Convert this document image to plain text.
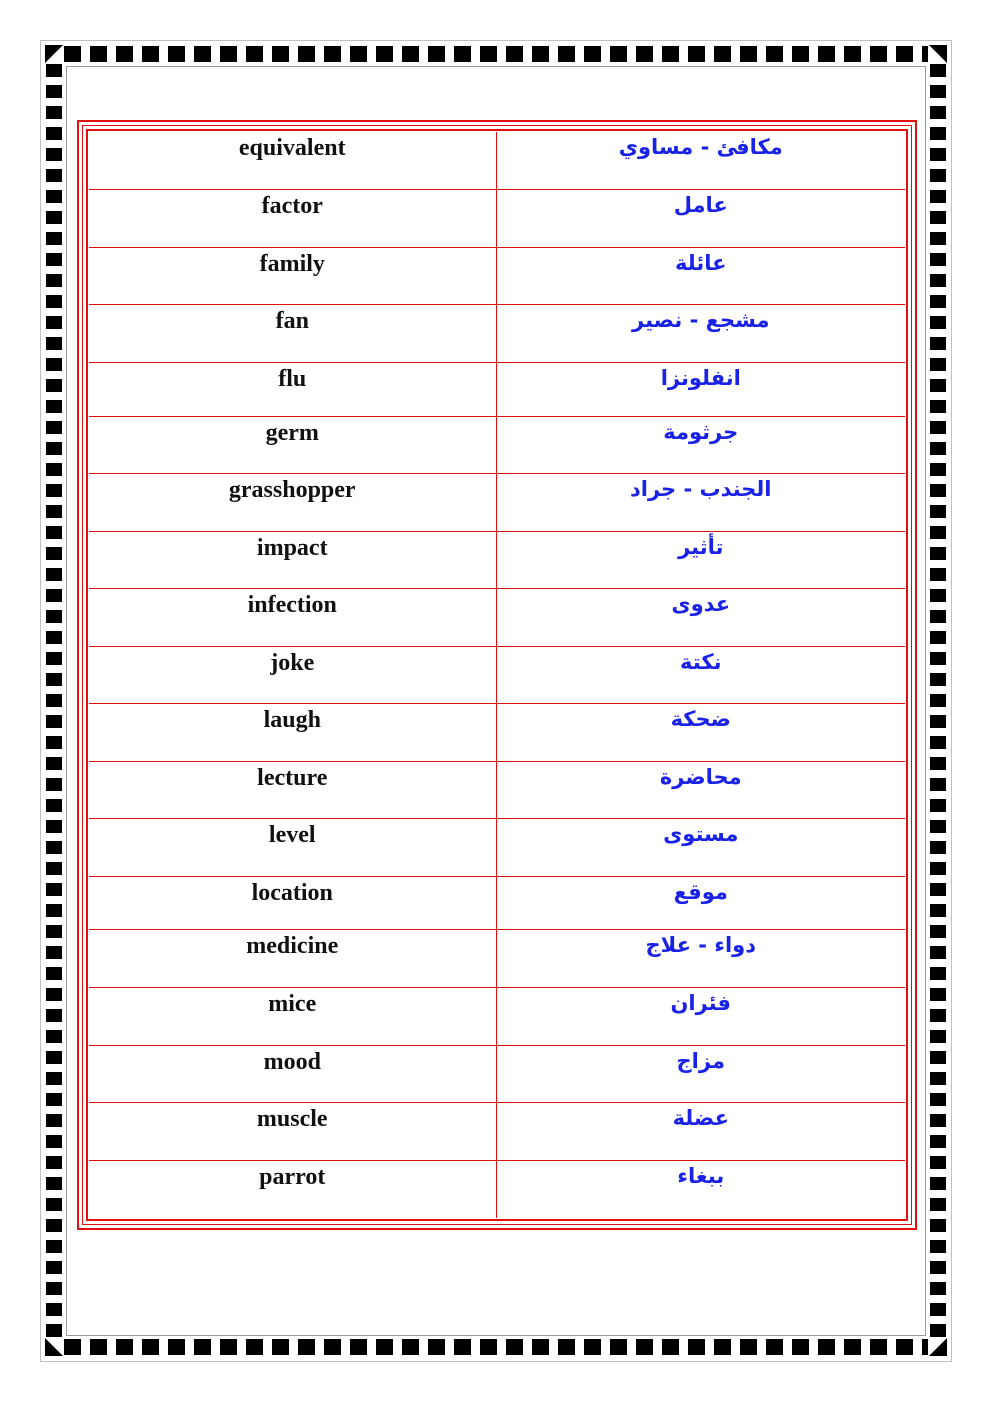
equivalent	مكافئ - مساوي
factor	عامل
family	عائلة
fan	مشجع - نصير
flu	انفلونزا
germ	جرثومة
grasshopper	الجندب - جراد
impact	تأثير
infection	عدوى
joke	نكتة
laugh	ضحكة
lecture	محاضرة
level	مستوى
location	موقع
medicine	دواء - علاج
mice	فئران
mood	مزاج
muscle	عضلة
parrot	ببغاء
